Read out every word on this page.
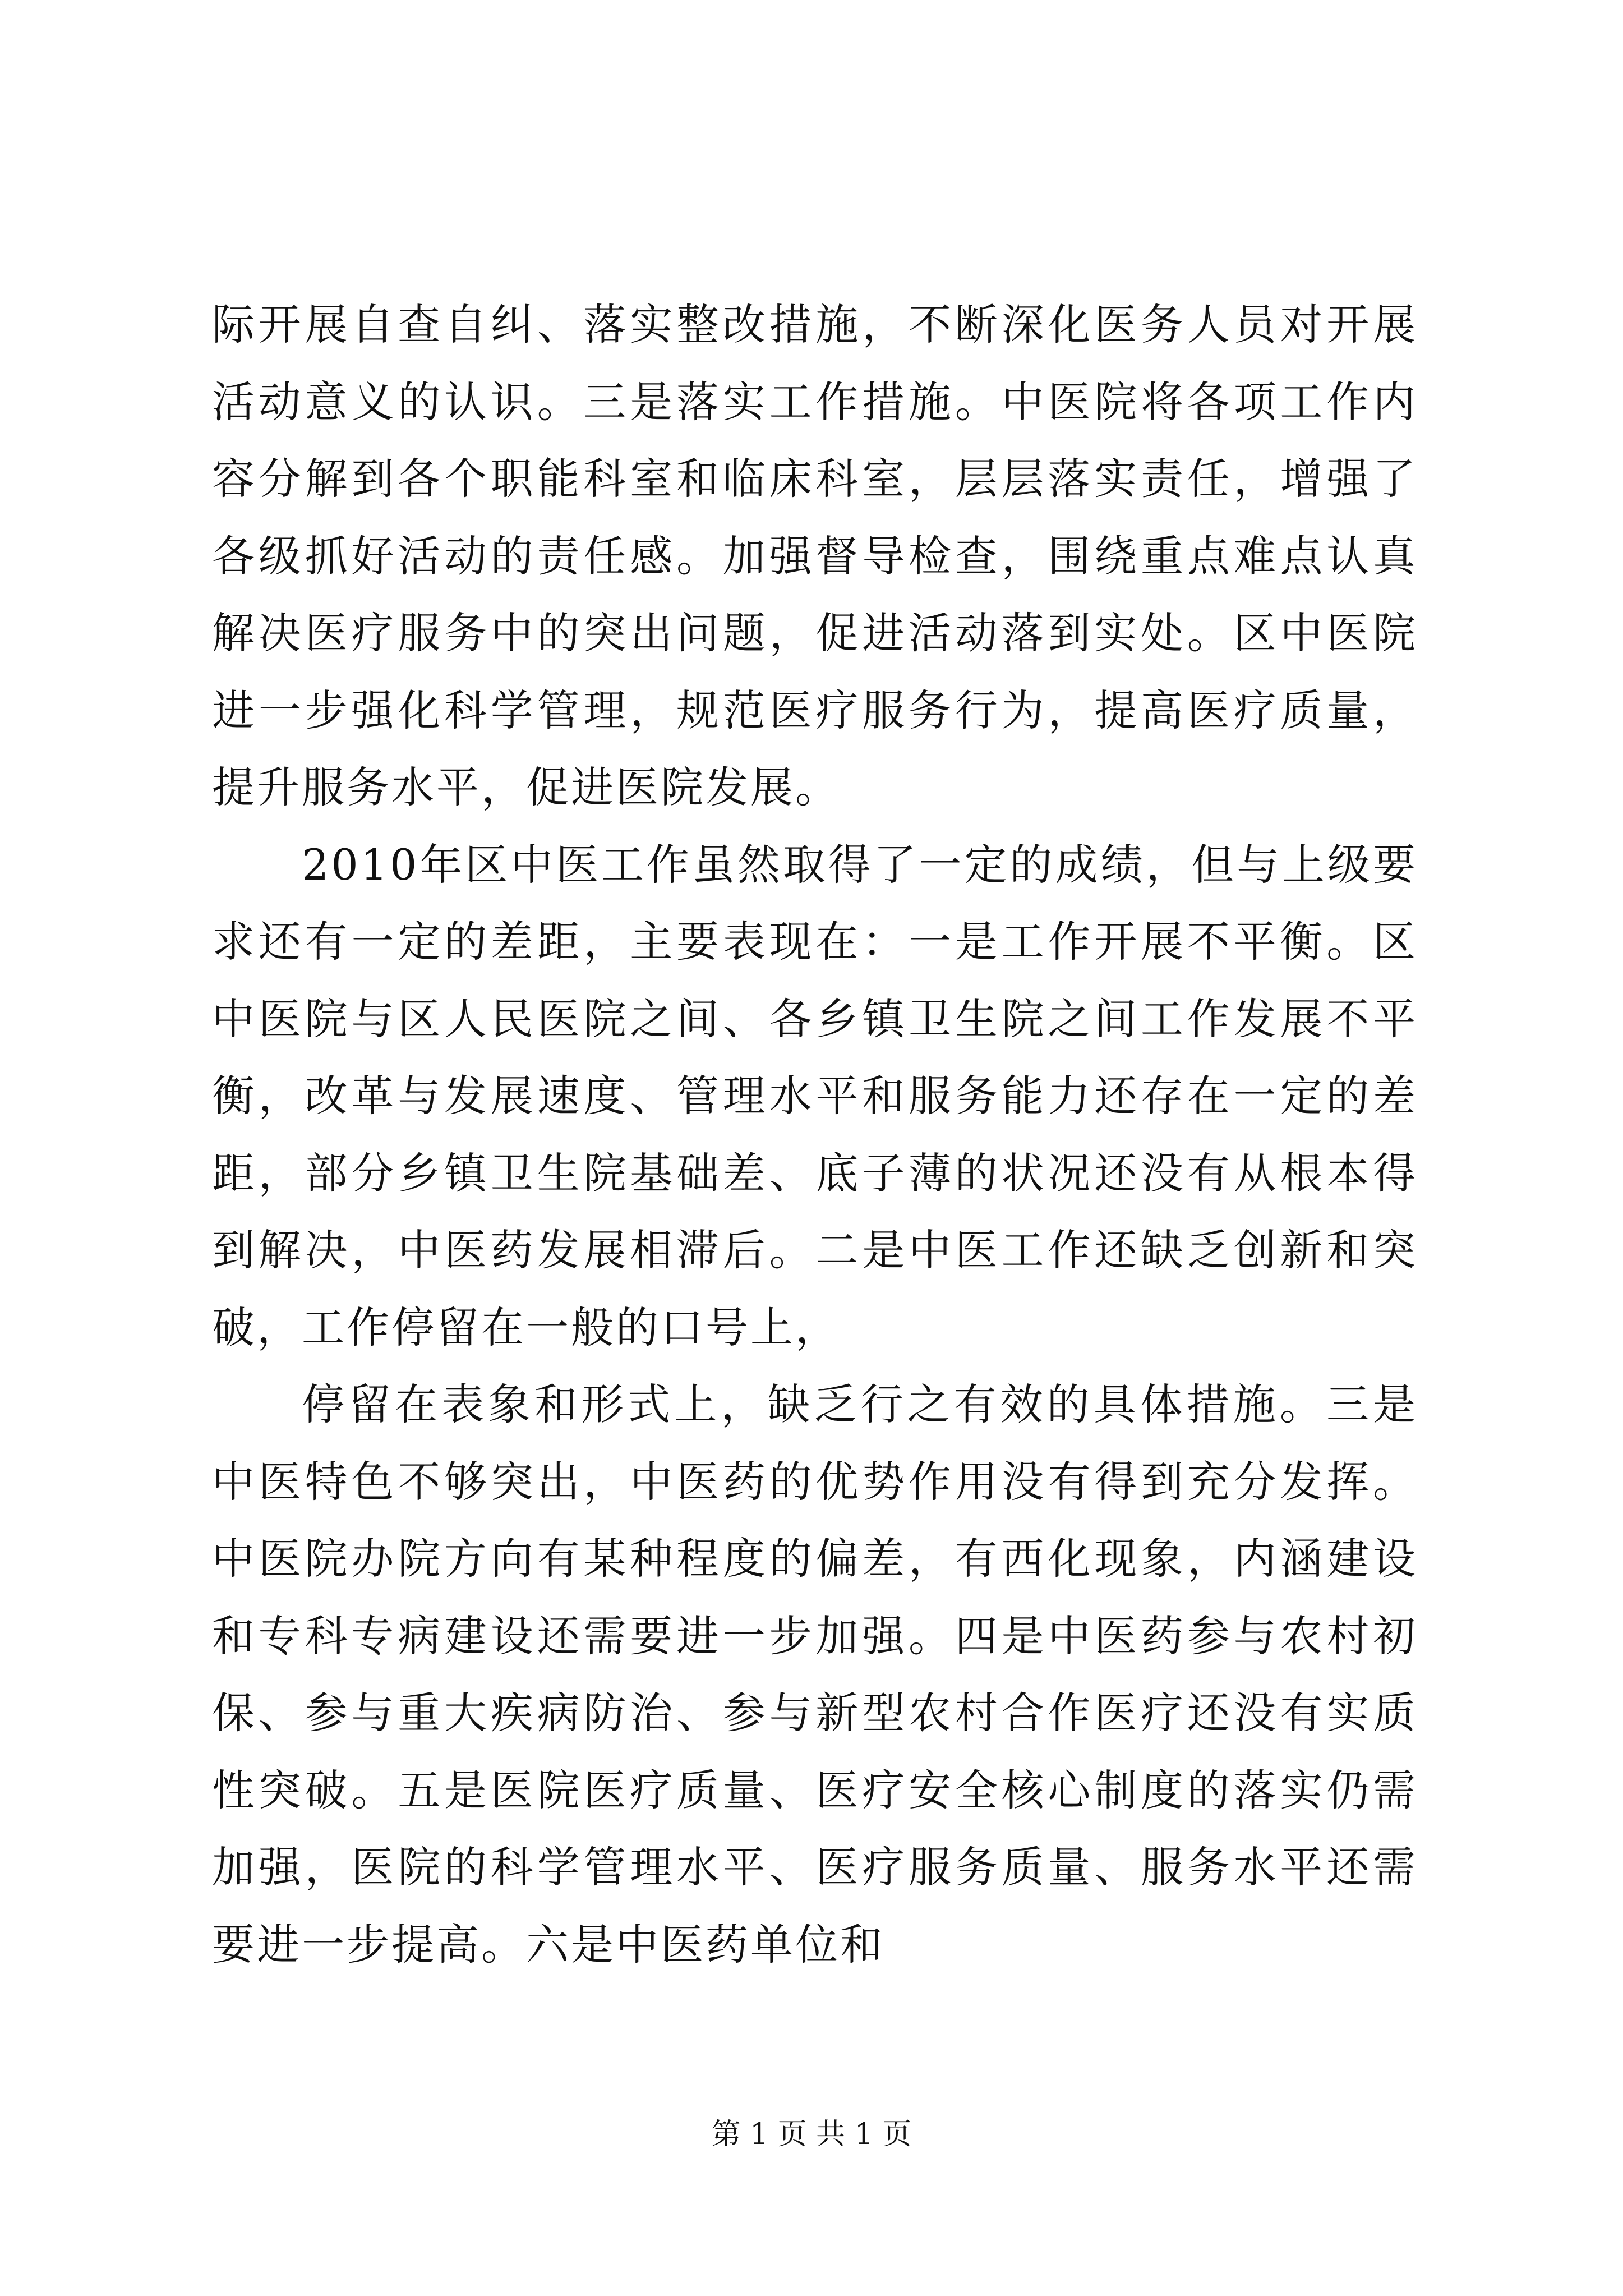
际开展自查自纠、落实整改措施，不断深化医务人员对开展活动意义的认识。三是落实工作措施。中医院将各项工作内容分解到各个职能科室和临床科室，层层落实责任，增强了各级抓好活动的责任感。加强督导检查，围绕重点难点认真解决医疗服务中的突出问题，促进活动落到实处。区中医院进一步强化科学管理，规范医疗服务行为，提高医疗质量，提升服务水平，促进医院发展。

2010年区中医工作虽然取得了一定的成绩，但与上级要求还有一定的差距，主要表现在：一是工作开展不平衡。区中医院与区人民医院之间、各乡镇卫生院之间工作发展不平衡，改革与发展速度、管理水平和服务能力还存在一定的差距，部分乡镇卫生院基础差、底子薄的状况还没有从根本得到解决，中医药发展相滞后。二是中医工作还缺乏创新和突破，工作停留在一般的口号上，

停留在表象和形式上，缺乏行之有效的具体措施。三是中医特色不够突出，中医药的优势作用没有得到充分发挥。中医院办院方向有某种程度的偏差，有西化现象，内涵建设和专科专病建设还需要进一步加强。四是中医药参与农村初保、参与重大疾病防治、参与新型农村合作医疗还没有实质性突破。五是医院医疗质量、医疗安全核心制度的落实仍需加强，医院的科学管理水平、医疗服务质量、服务水平还需要进一步提高。六是中医药单位和

第 1 页 共 1 页
